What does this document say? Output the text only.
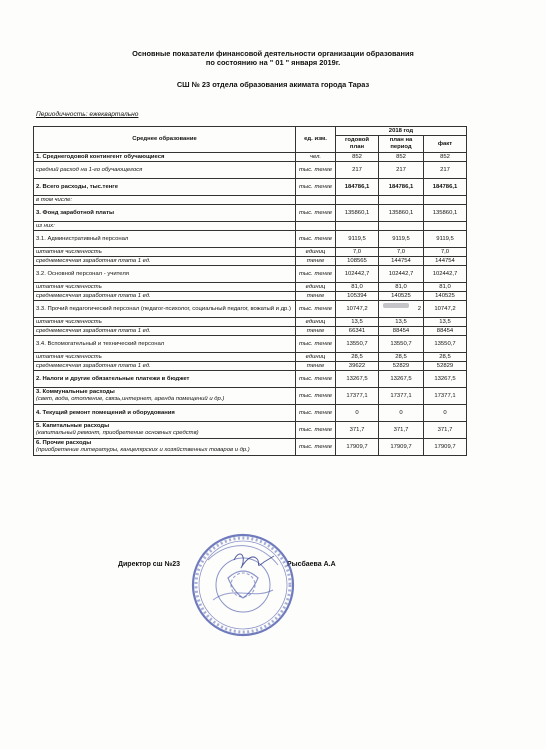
Основные показатели финансовой деятельности организации образования
по состоянию на " 01 " января 2019г.
СШ № 23 отдела образования акимата города Тараз
Периодичность: ежеквартально
Среднее образование	ед. изм.	2018 год		
		годовой план	план на период	факт
1. Среднегодовой контингент обучающиеся	чел.	852	852	852
средний расход на 1-го обучающегося	тыс. тенге	217	217	217
2. Всего расходы, тыс.тенге	тыс. тенге	184786,1	184786,1	184786,1
в том числе:				
3. Фонд заработной платы	тыс. тенге	135860,1	135860,1	135860,1
из них:				
3.1. Административный персонал	тыс. тенге	9119,5	9119,5	9119,5
штатная численность	единиц	7,0	7,0	7,0
среднемесячная заработная плата 1 ед.	тенге	108565	144754	144754
3.2. Основной персонал - учителя	тыс. тенге	102442,7	102442,7	102442,7
штатная численность	единиц	81,0	81,0	81,0
среднемесячная заработная плата 1 ед.	тенге	105394	140525	140525
3.3. Прочий педагогический персонал (педагог-психолог, социальный педагог, вожатый и др.)	тыс. тенге	10747,2	2	10747,2
штатная численность	единиц	13,5	13,5	13,5
среднемесячная заработная плата 1 ед.	тенге	66341	88454	88454
3.4. Вспомогательный и технический персонал	тыс. тенге	13550,7	13550,7	13550,7
штатная численность	единиц	28,5	28,5	28,5
среднемесячная заработная плата 1 ед.	тенге	39622	52829	52829
2. Налоги и другие обязательные платежи в бюджет	тыс. тенге	13267,5	13267,5	13267,5
3. Коммунальные расходы
(свет, вода, отопление, связь,интернет, аренда помещений и др.)	тыс. тенге	17377,1	17377,1	17377,1
4. Текущий ремонт помещений и оборудования	тыс. тенге	0	0	0
5. Капитальные расходы
(капитальный ремонт, приобретение основных средств)	тыс. тенге	371,7	371,7	371,7
6. Прочие расходы
(приобретение литературы, канцелярских и хозяйственных товаров и др.)	тыс. тенге	17909,7	17909,7	17909,7
Директор сш №23	Рысбаева А.А
